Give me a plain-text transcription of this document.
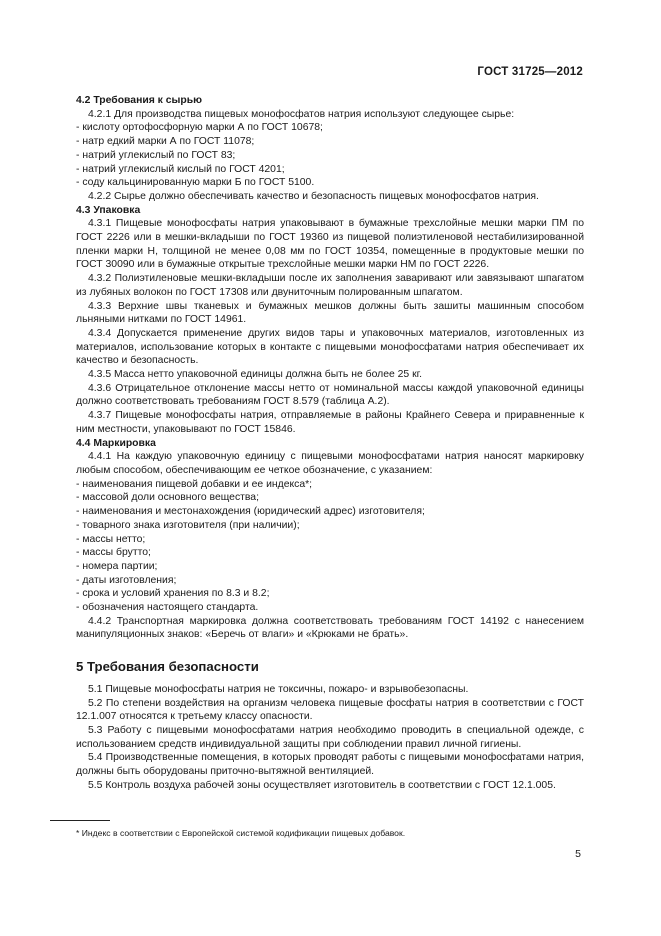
ГОСТ 31725—2012

4.2 Требования к сырью

4.2.1 Для производства пищевых монофосфатов натрия используют следующее сырье:

- кислоту ортофосфорную марки А по ГОСТ 10678;

- натр едкий марки А по ГОСТ 11078;

- натрий углекислый по ГОСТ 83;

- натрий углекислый кислый по ГОСТ 4201;

- соду кальцинированную марки Б по ГОСТ 5100.

4.2.2 Сырье должно обеспечивать качество и безопасность пищевых монофосфатов натрия.

4.3 Упаковка

4.3.1 Пищевые монофосфаты натрия упаковывают в бумажные трехслойные мешки марки ПМ по ГОСТ 2226 или в мешки-вкладыши по ГОСТ 19360 из пищевой полиэтиленовой нестабилизированной пленки марки Н, толщиной не менее 0,08 мм по ГОСТ 10354, помещенные в продуктовые мешки по ГОСТ 30090 или в бумажные открытые трехслойные мешки марки НМ по ГОСТ 2226.

4.3.2 Полиэтиленовые мешки-вкладыши после их заполнения заваривают или завязывают шпагатом из лубяных волокон по ГОСТ 17308 или двуниточным полированным шпагатом.

4.3.3 Верхние швы тканевых и бумажных мешков должны быть зашиты машинным способом льняными нитками по ГОСТ 14961.

4.3.4 Допускается применение других видов тары и упаковочных материалов, изготовленных из материалов, использование которых в контакте с пищевыми монофосфатами натрия обеспечивает их качество и безопасность.

4.3.5 Масса нетто упаковочной единицы должна быть не более 25 кг.

4.3.6 Отрицательное отклонение массы нетто от номинальной массы каждой упаковочной единицы должно соответствовать требованиям ГОСТ 8.579 (таблица А.2).

4.3.7 Пищевые монофосфаты натрия, отправляемые в районы Крайнего Севера и приравненные к ним местности, упаковывают по ГОСТ 15846.

4.4 Маркировка

4.4.1 На каждую упаковочную единицу с пищевыми монофосфатами натрия наносят маркировку любым способом, обеспечивающим ее четкое обозначение, с указанием:

- наименования пищевой добавки и ее индекса*;

- массовой доли основного вещества;

- наименования и местонахождения (юридический адрес) изготовителя;

- товарного знака изготовителя (при наличии);

- массы нетто;

- массы брутто;

- номера партии;

- даты изготовления;

- срока и условий хранения по 8.3 и 8.2;

- обозначения настоящего стандарта.

4.4.2 Транспортная маркировка должна соответствовать требованиям ГОСТ 14192 с нанесением манипуляционных знаков: «Беречь от влаги» и «Крюками не брать».

5 Требования безопасности

5.1 Пищевые монофосфаты натрия не токсичны, пожаро- и взрывобезопасны.

5.2 По степени воздействия на организм человека пищевые фосфаты натрия в соответствии с ГОСТ 12.1.007 относятся к третьему классу опасности.

5.3 Работу с пищевыми монофосфатами натрия необходимо проводить в специальной одежде, с использованием средств индивидуальной защиты при соблюдении правил личной гигиены.

5.4 Производственные помещения, в которых проводят работы с пищевыми монофосфатами натрия, должны быть оборудованы приточно-вытяжной вентиляцией.

5.5 Контроль воздуха рабочей зоны осуществляет изготовитель в соответствии с ГОСТ 12.1.005.

* Индекс в соответствии с Европейской системой кодификации пищевых добавок.
5
